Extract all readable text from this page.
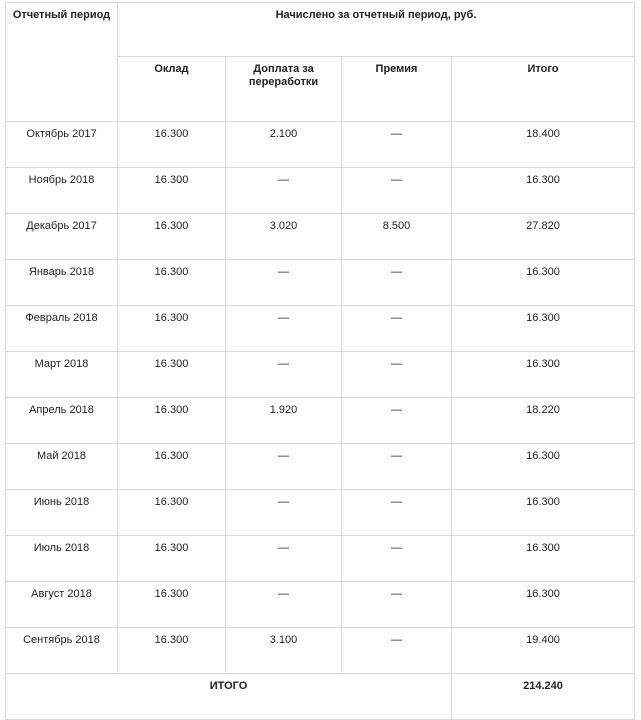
Отчетный период	Начислено за отчетный период, руб.			
	Оклад	Доплата за переработки	Премия	Итого
Октябрь 2017	16.300	2.100	—	18.400
Ноябрь 2018	16.300	—	—	16.300
Декабрь 2017	16.300	3.020	8.500	27.820
Январь 2018	16.300	—	—	16.300
Февраль 2018	16.300	—	—	16.300
Март 2018	16.300	—	—	16.300
Апрель 2018	16.300	1.920	—	18.220
Май 2018	16.300	—	—	16.300
Июнь 2018	16.300	—	—	16.300
Июль 2018	16.300	—	—	16.300
Август 2018	16.300	—	—	16.300
Сентябрь 2018	16.300	3.100	—	19.400
ИТОГО				214.240
